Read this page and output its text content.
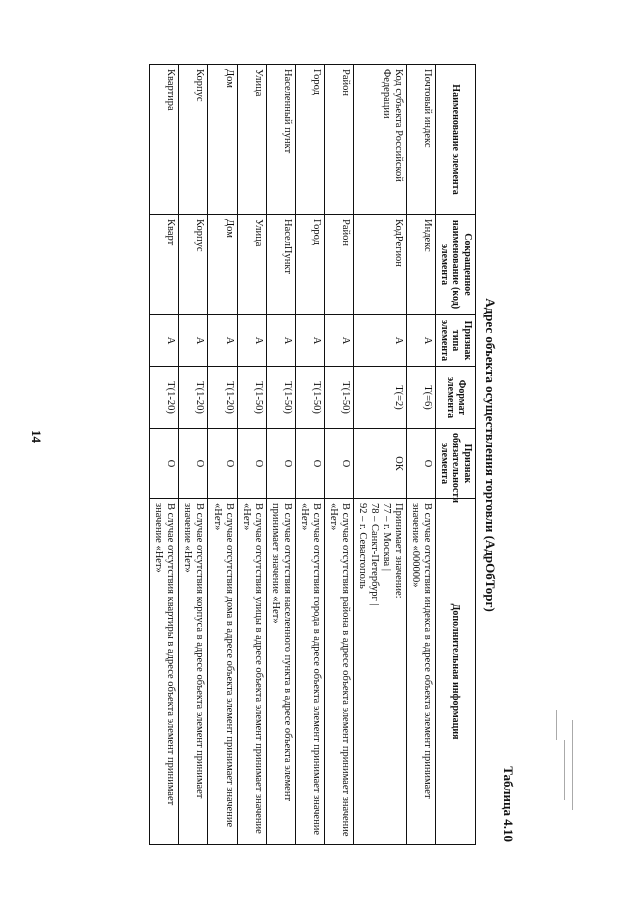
14
Таблица 4.10
Адрес объекта осуществления торговли (АдрОбТорг)
Наименование элемента	Сокращенное наименование (код) элемента	Признак типа элемента	Формат элемента	Признак обязательности элемента	Дополнительная информация
Почтовый индекс	Индекс	А	T(=6)	О	В случае отсутствия индекса в адресе объекта элемент принимает значение «000000»
Код субъекта Российской Федерации	КодРегион	А	T(=2)	ОК	Принимает значение:
77 – г. Москва |
78 – Санкт-Петербург |
92 – г. Севастополь

Район	Район	А	T(1-50)	О	В случае отсутствия района в адресе объекта элемент принимает значение «Нет»
Город	Город	А	T(1-50)	О	В случае отсутствия города в адресе объекта элемент принимает значение «Нет»
Населенный пункт	НаселПункт	А	T(1-50)	О	В случае отсутствия населенного пункта в адресе объекта элемент принимает значение «Нет»
Улица	Улица	А	T(1-50)	О	В случае отсутствия улицы в адресе объекта элемент принимает значение «Нет»
Дом	Дом	А	T(1-20)	О	В случае отсутствия дома в адресе объекта элемент принимает значение «Нет»
Корпус	Корпус	А	T(1-20)	О	В случае отсутствия корпуса в адресе объекта элемент принимает значение «Нет»
Квартира	Кварт	А	T(1-20)	О	В случае отсутствия квартиры в адресе объекта элемент принимает значение «Нет»
